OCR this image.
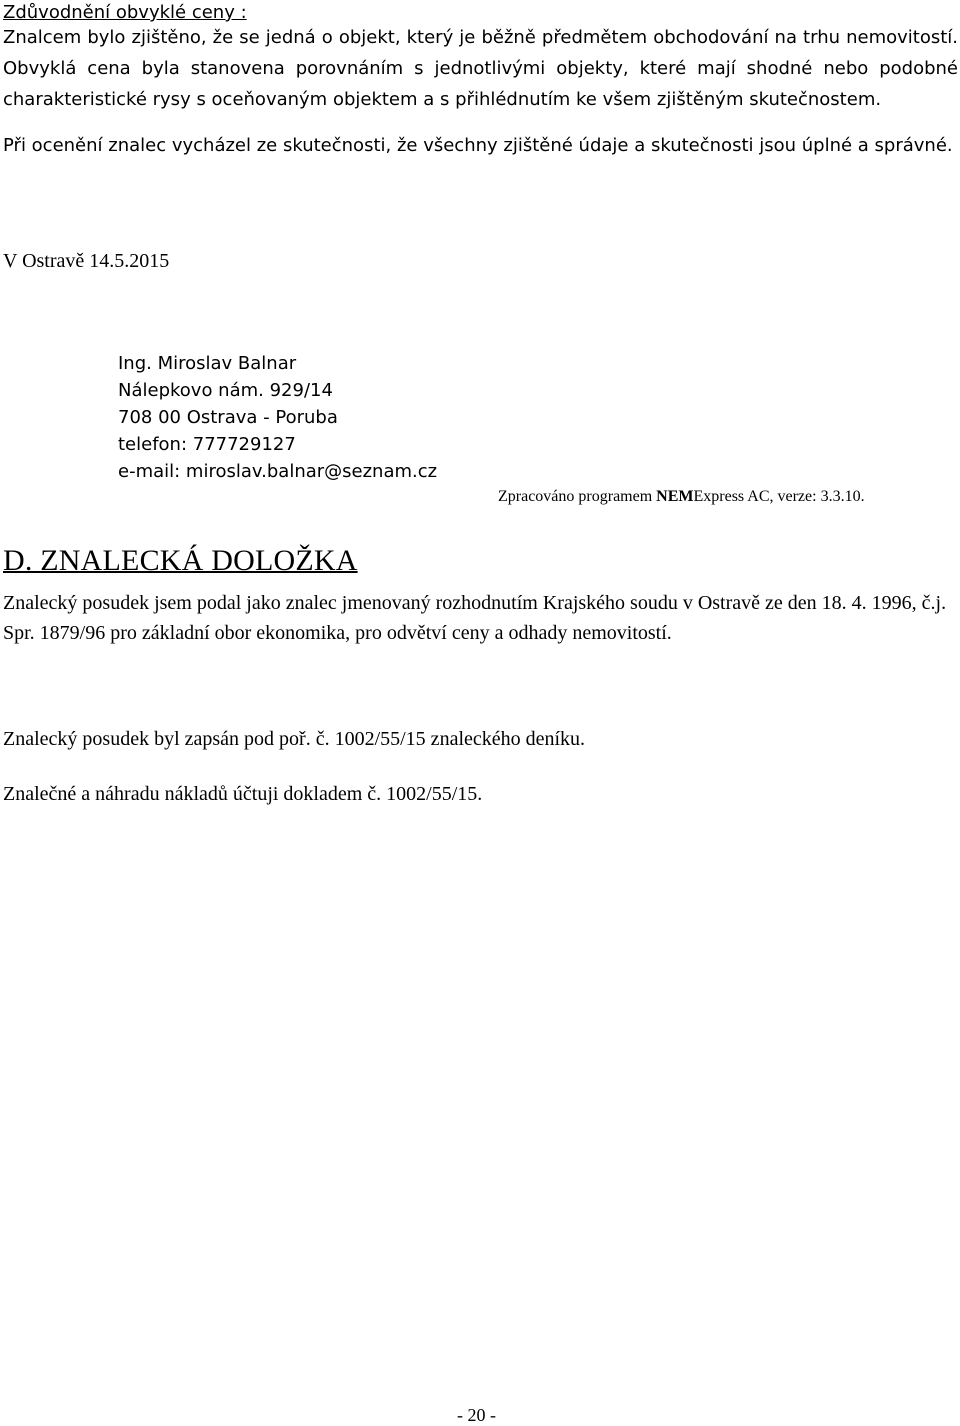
Zdůvodnění obvyklé ceny :
Znalcem bylo zjištěno, že se jedná o objekt, který je běžně předmětem obchodování na trhu nemovitostí. Obvyklá cena byla stanovena porovnáním s jednotlivými objekty, které mají shodné nebo podobné charakteristické rysy s oceňovaným objektem a s přihlédnutím ke všem zjištěným skutečnostem.
Při ocenění znalec vycházel ze skutečnosti, že všechny zjištěné údaje a skutečnosti jsou úplné a správné.
V Ostravě 14.5.2015
Ing. Miroslav Balnar
Nálepkovo nám. 929/14
708 00 Ostrava - Poruba
telefon: 777729127
e-mail: miroslav.balnar@seznam.cz
Zpracováno programem NEMExpress AC, verze: 3.3.10.
D. ZNALECKÁ DOLOŽKA
Znalecký posudek jsem podal jako znalec jmenovaný rozhodnutím Krajského soudu v Ostravě ze den 18. 4. 1996, č.j. Spr. 1879/96 pro základní obor ekonomika, pro odvětví ceny a odhady nemovitostí.
Znalecký posudek byl zapsán pod poř. č. 1002/55/15 znaleckého deníku.
Znalečné a náhradu nákladů účtuji dokladem č. 1002/55/15.
- 20 -
